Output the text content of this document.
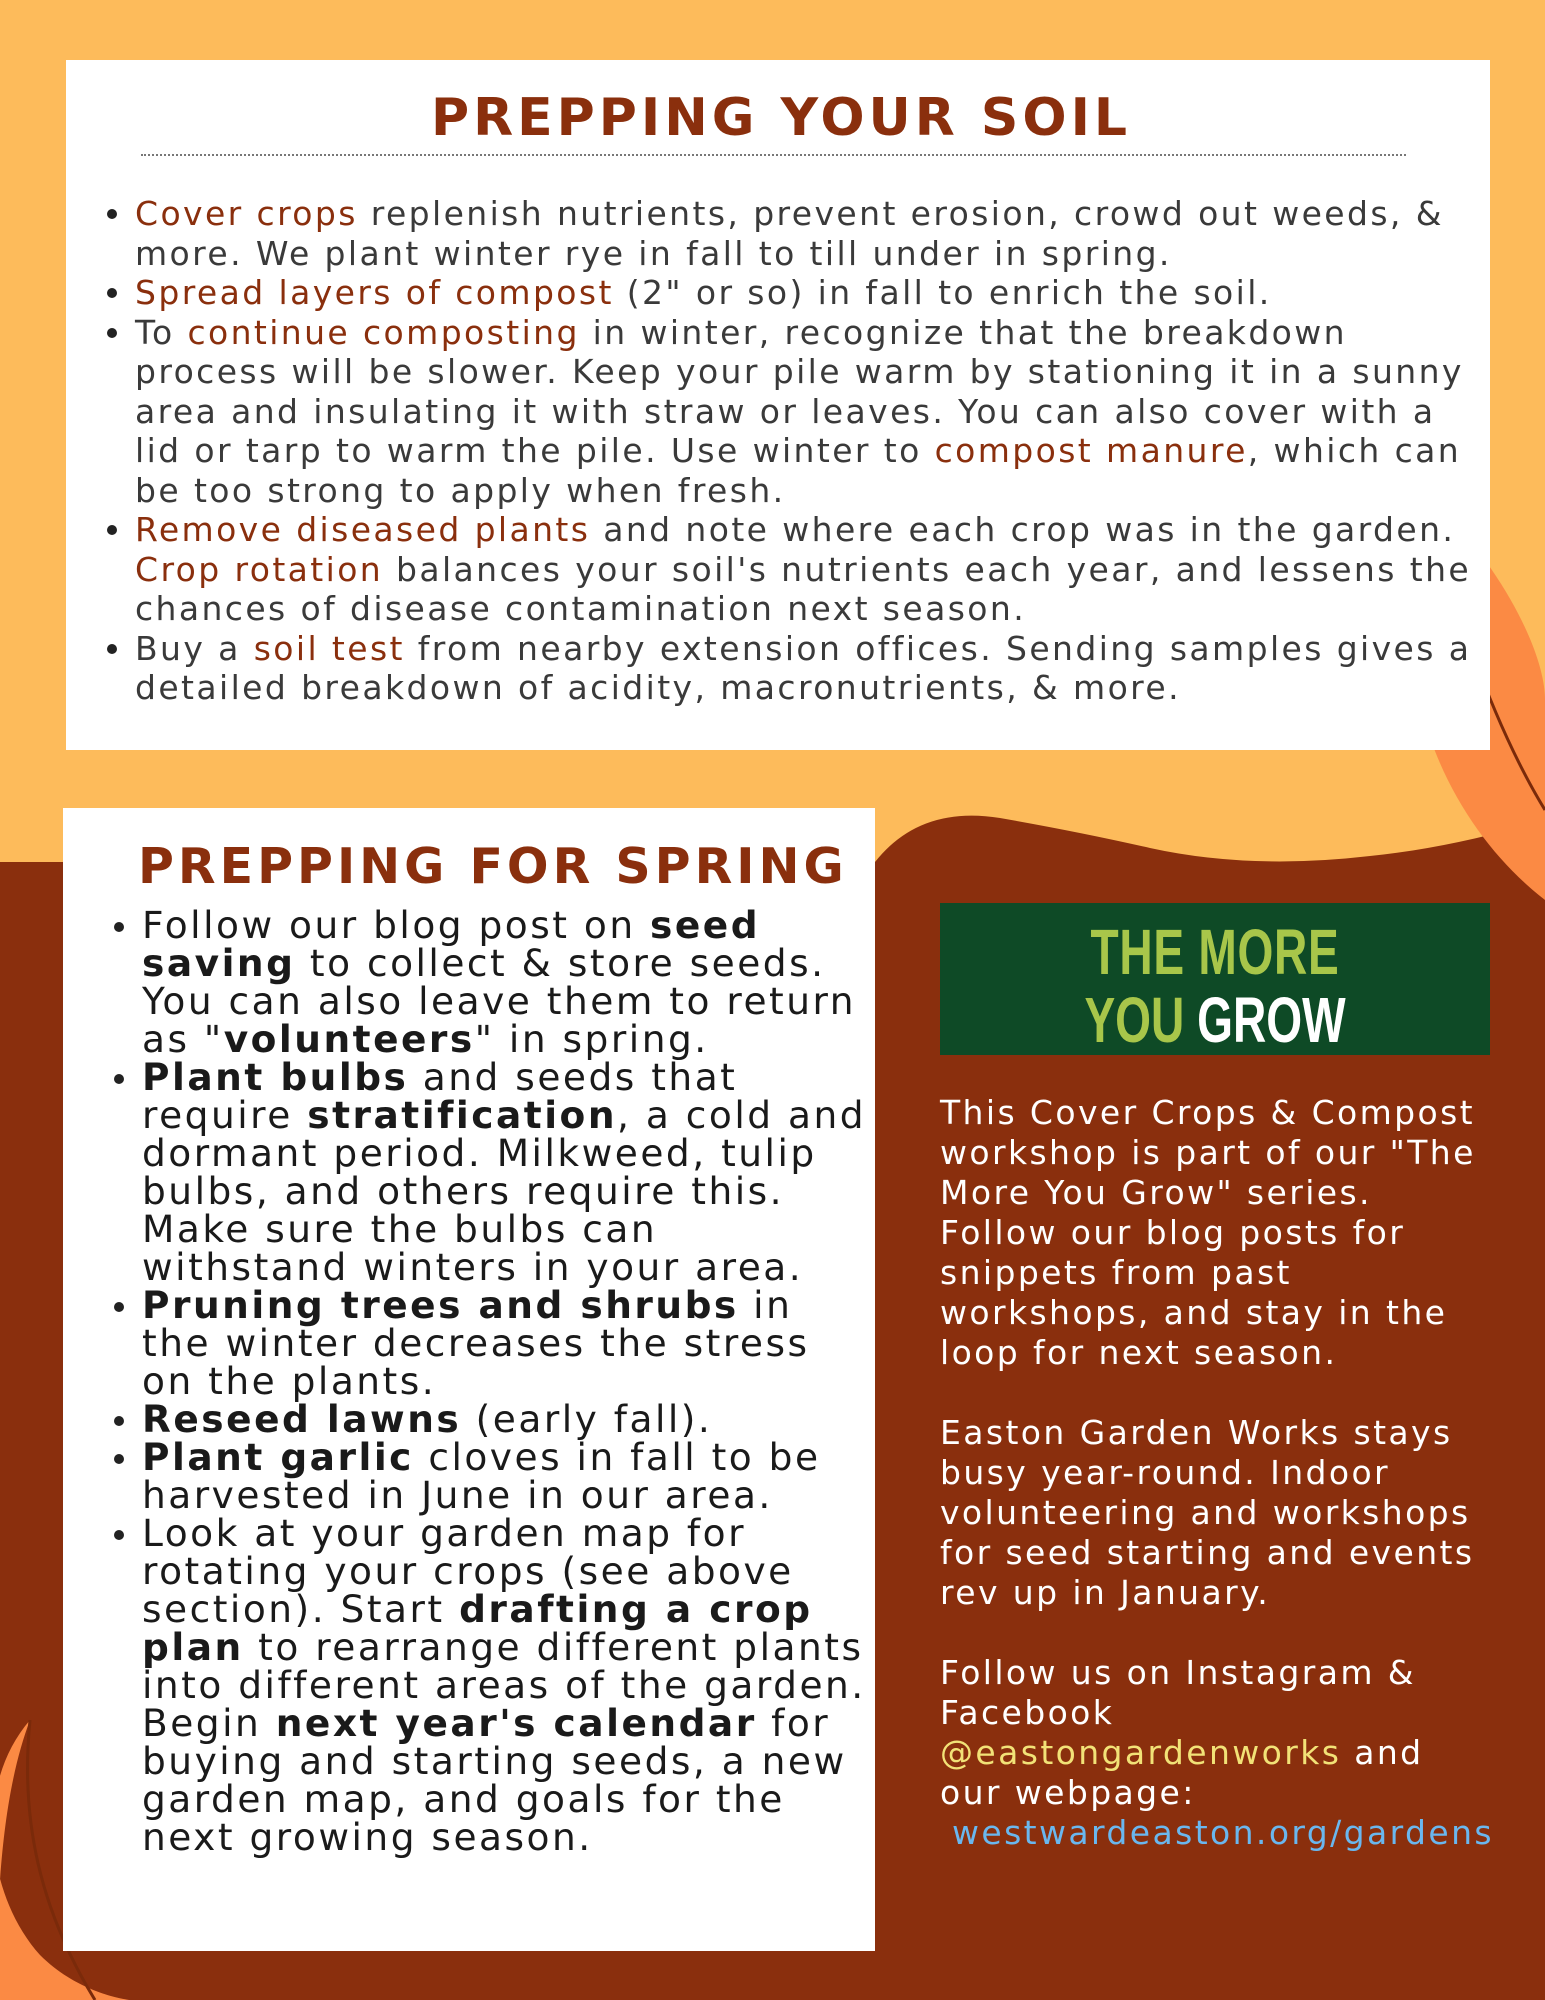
PREPPING YOUR SOIL
Cover crops replenish nutrients, prevent erosion, crowd out weeds, & more. We plant winter rye in fall to till under in spring.
Spread layers of compost (2" or so) in fall to enrich the soil.
To continue composting in winter, recognize that the breakdown process will be slower. Keep your pile warm by stationing it in a sunny area and insulating it with straw or leaves. You can also cover with a lid or tarp to warm the pile. Use winter to compost manure, which can be too strong to apply when fresh.
Remove diseased plants and note where each crop was in the garden. Crop rotation balances your soil's nutrients each year, and lessens the chances of disease contamination next season.
Buy a soil test from nearby extension offices. Sending samples gives a detailed breakdown of acidity, macronutrients, & more.
PREPPING FOR SPRING
Follow our blog post on seed saving to collect & store seeds. You can also leave them to return as "volunteers" in spring.
Plant bulbs and seeds that require stratification, a cold and dormant period. Milkweed, tulip bulbs, and others require this. Make sure the bulbs can withstand winters in your area.
Pruning trees and shrubs in the winter decreases the stress on the plants.
Reseed lawns (early fall).
Plant garlic cloves in fall to be harvested in June in our area.
Look at your garden map for rotating your crops (see above section). Start drafting a crop plan to rearrange different plants into different areas of the garden. Begin next year's calendar for buying and starting seeds, a new garden map, and goals for the next growing season.
THE MORE
YOU GROW

This Cover Crops & Compost workshop is part of our "The More You Grow" series. Follow our blog posts for snippets from past workshops, and stay in the loop for next season.

Easton Garden Works stays busy year-round. Indoor volunteering and workshops for seed starting and events rev up in January.

Follow us on Instagram & Facebook @eastongardenworks and our webpage:
westwardeaston.org/gardens
